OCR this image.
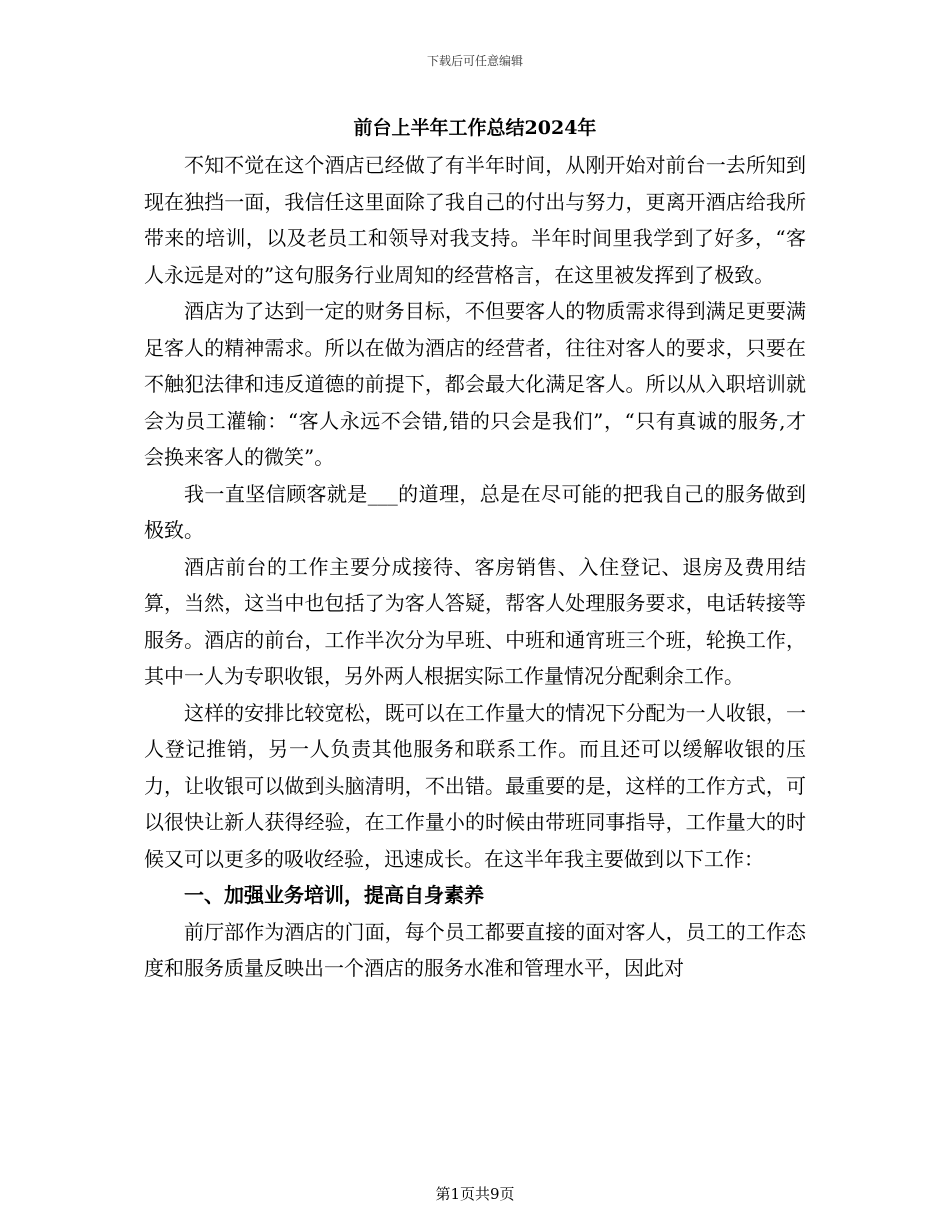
下载后可任意编辑
前台上半年工作总结2024年

不知不觉在这个酒店已经做了有半年时间，从刚开始对前台一去所知到现在独挡一面，我信任这里面除了我自己的付出与努力，更离开酒店给我所带来的培训，以及老员工和领导对我支持。半年时间里我学到了好多，“客人永远是对的”这句服务行业周知的经营格言，在这里被发挥到了极致。

酒店为了达到一定的财务目标，不但要客人的物质需求得到满足更要满足客人的精神需求。所以在做为酒店的经营者，往往对客人的要求，只要在不触犯法律和违反道德的前提下，都会最大化满足客人。所以从入职培训就会为员工灌输：“客人永远不会错,错的只会是我们”，“只有真诚的服务,才会换来客人的微笑”。

我一直坚信顾客就是___的道理，总是在尽可能的把我自己的服务做到极致。

酒店前台的工作主要分成接待、客房销售、入住登记、退房及费用结算，当然，这当中也包括了为客人答疑，帮客人处理服务要求，电话转接等服务。酒店的前台，工作半次分为早班、中班和通宵班三个班，轮换工作，其中一人为专职收银，另外两人根据实际工作量情况分配剩余工作。

这样的安排比较宽松，既可以在工作量大的情况下分配为一人收银，一人登记推销，另一人负责其他服务和联系工作。而且还可以缓解收银的压力，让收银可以做到头脑清明，不出错。最重要的是，这样的工作方式，可以很快让新人获得经验，在工作量小的时候由带班同事指导，工作量大的时候又可以更多的吸收经验，迅速成长。在这半年我主要做到以下工作：

一、加强业务培训，提高自身素养

前厅部作为酒店的门面，每个员工都要直接的面对客人，员工的工作态度和服务质量反映出一个酒店的服务水准和管理水平，因此对

第1页共9页
